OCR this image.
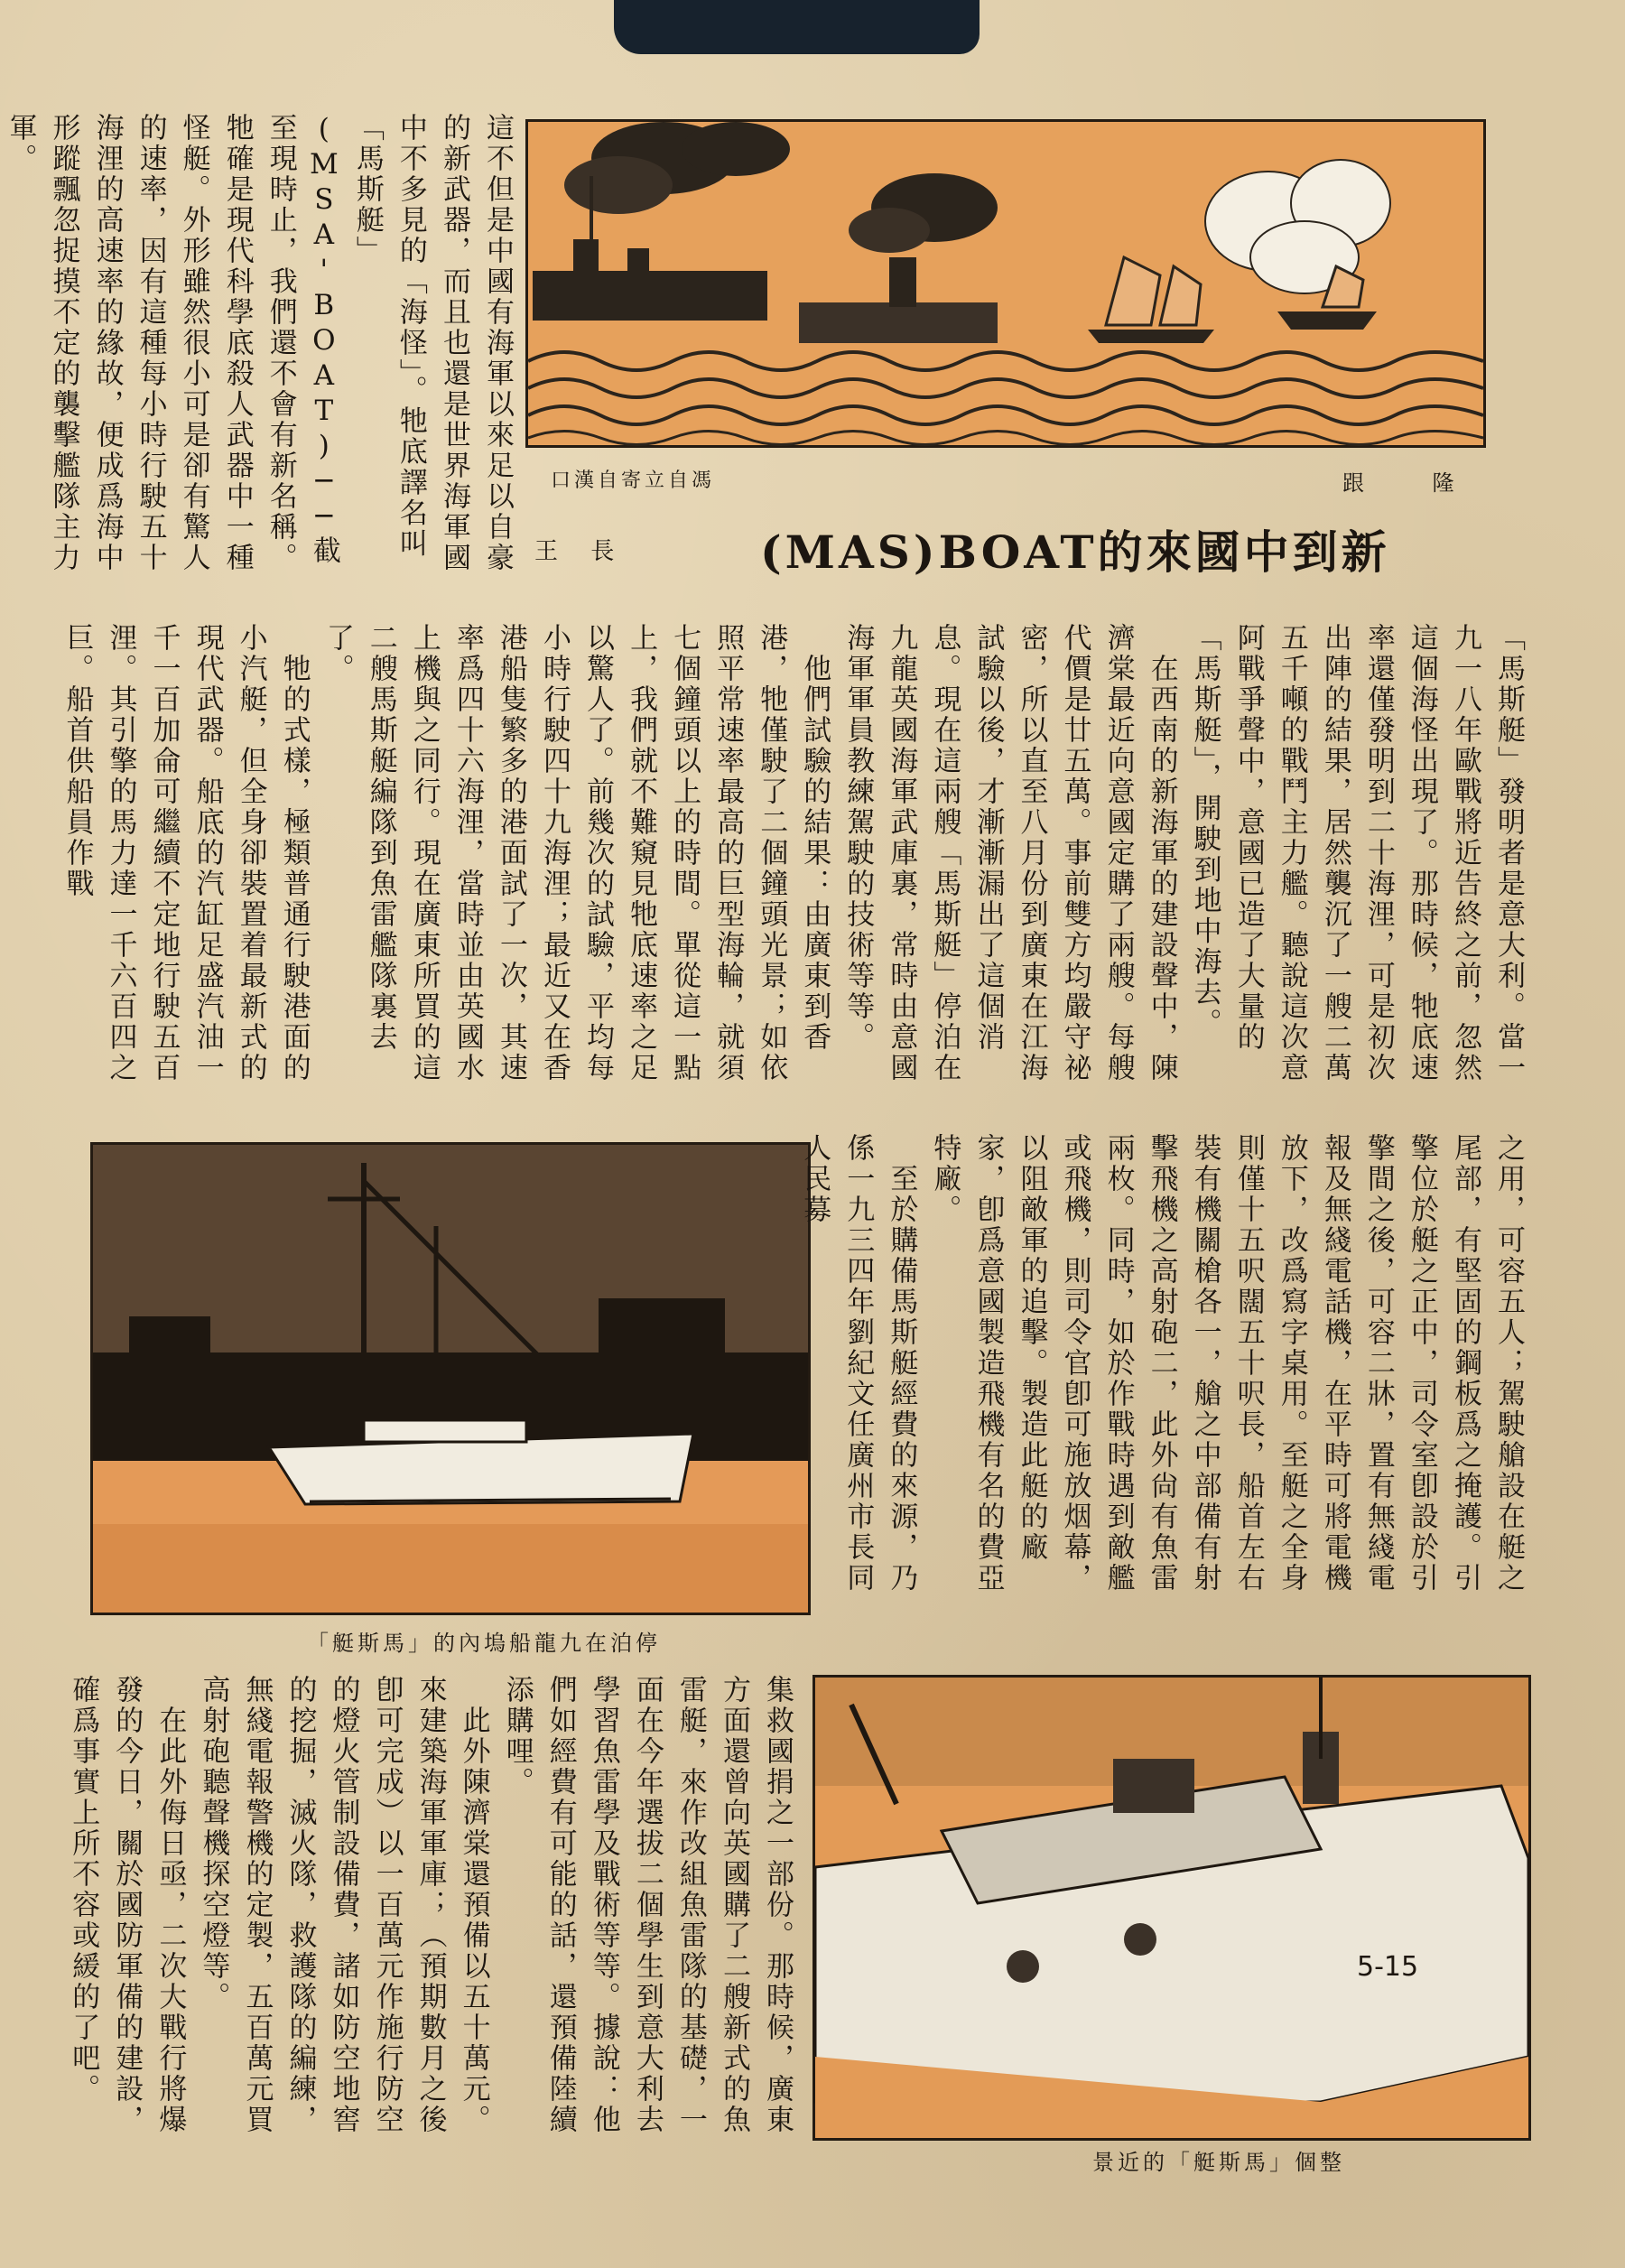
這不但是中國有海軍以來足以自豪的新武器，而且也還是世界海軍國中不多見的「海怪」。牠底譯名叫「馬斯艇」(MSA'BOAT)──截至現時止，我們還不會有新名稱。牠確是現代科學底殺人武器中一種怪艇。外形雖然很小可是卻有驚人的速率，因有這種每小時行駛五十海浬的高速率的緣故，便成爲海中形蹤飄忽捉摸不定的襲擊艦隊主力軍。
跟 隆
口漢自寄立自馮
(MAS)BOAT的來國中到新
王 長
「馬斯艇」發明者是意大利。當一九一八年歐戰將近告終之前，忽然這個海怪出現了。那時候，牠底速率還僅發明到二十海浬，可是初次出陣的結果，居然襲沉了一艘二萬五千噸的戰鬥主力艦。聽說這次意阿戰爭聲中，意國已造了大量的「馬斯艇」，開駛到地中海去。
　在西南的新海軍的建設聲中，陳濟棠最近向意國定購了兩艘。每艘代價是廿五萬。事前雙方均嚴守祕密，所以直至八月份到廣東在江海試驗以後，才漸漸漏出了這個消息。現在這兩艘「馬斯艇」停泊在九龍英國海軍武庫裏，常時由意國海軍軍員教練駕駛的技術等等。
　他們試驗的結果：由廣東到香港，牠僅駛了二個鐘頭光景；如依照平常速率最高的巨型海輪，就須七個鐘頭以上的時間。單從這一點上，我們就不難窺見牠底速率之足以驚人了。前幾次的試驗，平均每小時行駛四十九海浬；最近又在香港船隻繁多的港面試了一次，其速率爲四十六海浬，當時並由英國水上機與之同行。現在廣東所買的這二艘馬斯艇編隊到魚雷艦隊裏去了。
　牠的式樣，極類普通行駛港面的小汽艇，但全身卻裝置着最新式的現代武器。船底的汽缸足盛汽油一千一百加侖可繼續不定地行駛五百浬。其引擎的馬力達一千六百四之巨。船首供船員作戰
「艇斯馬」的內塢船龍九在泊停
之用，可容五人；駕駛艙設在艇之尾部，有堅固的鋼板爲之掩護。引擎位於艇之正中，司令室卽設於引擎間之後，可容二牀，置有無綫電報及無綫電話機，在平時可將電機放下，改爲寫字桌用。至艇之全身則僅十五呎闊五十呎長，船首左右裝有機關槍各一，艙之中部備有射擊飛機之高射砲二，此外尙有魚雷兩枚。同時，如於作戰時遇到敵艦或飛機，則司令官卽可施放烟幕，以阻敵軍的追擊。製造此艇的廠家，卽爲意國製造飛機有名的費亞特廠。
　至於購備馬斯艇經費的來源，乃係一九三四年劉紀文任廣州市長同人民募
5-15
景近的「艇斯馬」個整
集救國捐之一部份。那時候，廣東方面還曾向英國購了二艘新式的魚雷艇，來作改組魚雷隊的基礎，一面在今年選拔二個學生到意大利去學習魚雷學及戰術等等。據說：他們如經費有可能的話，還預備陸續添購哩。
　此外陳濟棠還預備以五十萬元。來建築海軍軍庫；（預期數月之後卽可完成）以一百萬元作施行防空的燈火管制設備費，諸如防空地窖的挖掘，滅火隊，救護隊的編練，無綫電報警機的定製，五百萬元買高射砲聽聲機探空燈等。
　在此外侮日亟，二次大戰行將爆發的今日，關於國防軍備的建設，確爲事實上所不容或緩的了吧。
